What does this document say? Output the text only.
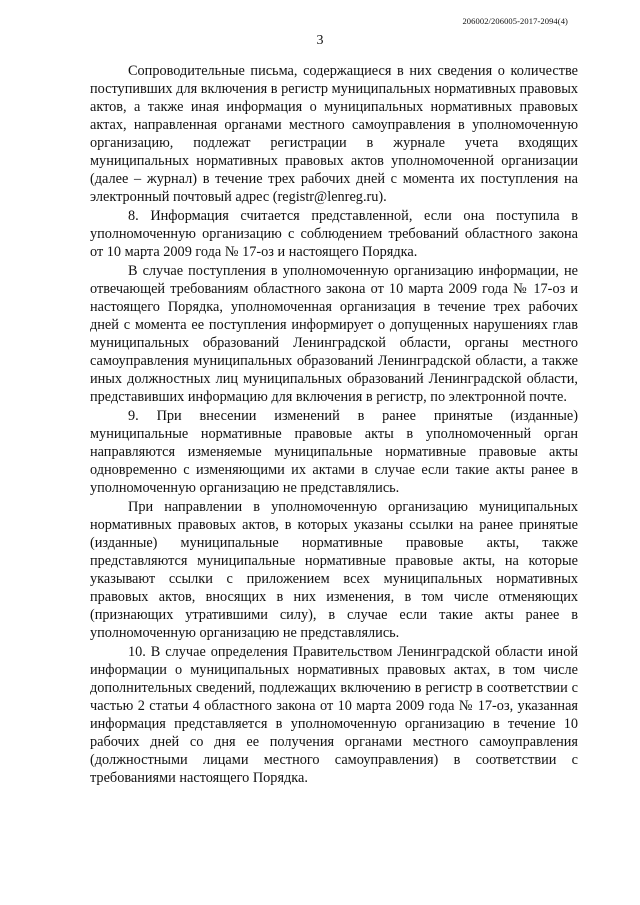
206002/206005-2017-2094(4)
3

Сопроводительные письма, содержащиеся в них сведения о количестве поступивших для включения в регистр муниципальных нормативных правовых актов, а также иная информация о муниципальных нормативных правовых актах, направленная органами местного самоуправления в уполномоченную организацию, подлежат регистрации в журнале учета входящих муниципальных нормативных правовых актов уполномоченной организации (далее – журнал) в течение трех рабочих дней с момента их поступления на электронный почтовый адрес (registr@lenreg.ru).

8. Информация считается представленной, если она поступила в уполномоченную организацию с соблюдением требований областного закона от 10 марта 2009 года № 17-оз и настоящего Порядка.

В случае поступления в уполномоченную организацию информации, не отвечающей требованиям областного закона от 10 марта 2009 года № 17-оз и настоящего Порядка, уполномоченная организация в течение трех рабочих дней с момента ее поступления информирует о допущенных нарушениях глав муниципальных образований Ленинградской области, органы местного самоуправления муниципальных образований Ленинградской области, а также иных должностных лиц муниципальных образований Ленинградской области, представивших информацию для включения в регистр, по электронной почте.

9. При внесении изменений в ранее принятые (изданные) муниципальные нормативные правовые акты в уполномоченный орган направляются изменяемые муниципальные нормативные правовые акты одновременно с изменяющими их актами в случае если такие акты ранее в уполномоченную организацию не представлялись.

При направлении в уполномоченную организацию муниципальных нормативных правовых актов, в которых указаны ссылки на ранее принятые (изданные) муниципальные нормативные правовые акты, также представляются муниципальные нормативные правовые акты, на которые указывают ссылки с приложением всех муниципальных нормативных правовых актов, вносящих в них изменения, в том числе отменяющих (признающих утратившими силу), в случае если такие акты ранее в уполномоченную организацию не представлялись.

10. В случае определения Правительством Ленинградской области иной информации о муниципальных нормативных правовых актах, в том числе дополнительных сведений, подлежащих включению в регистр в соответствии с частью 2 статьи 4 областного закона от 10 марта 2009 года № 17-оз, указанная информация представляется в уполномоченную организацию в течение 10 рабочих дней со дня ее получения органами местного самоуправления (должностными лицами местного самоуправления) в соответствии с требованиями настоящего Порядка.
